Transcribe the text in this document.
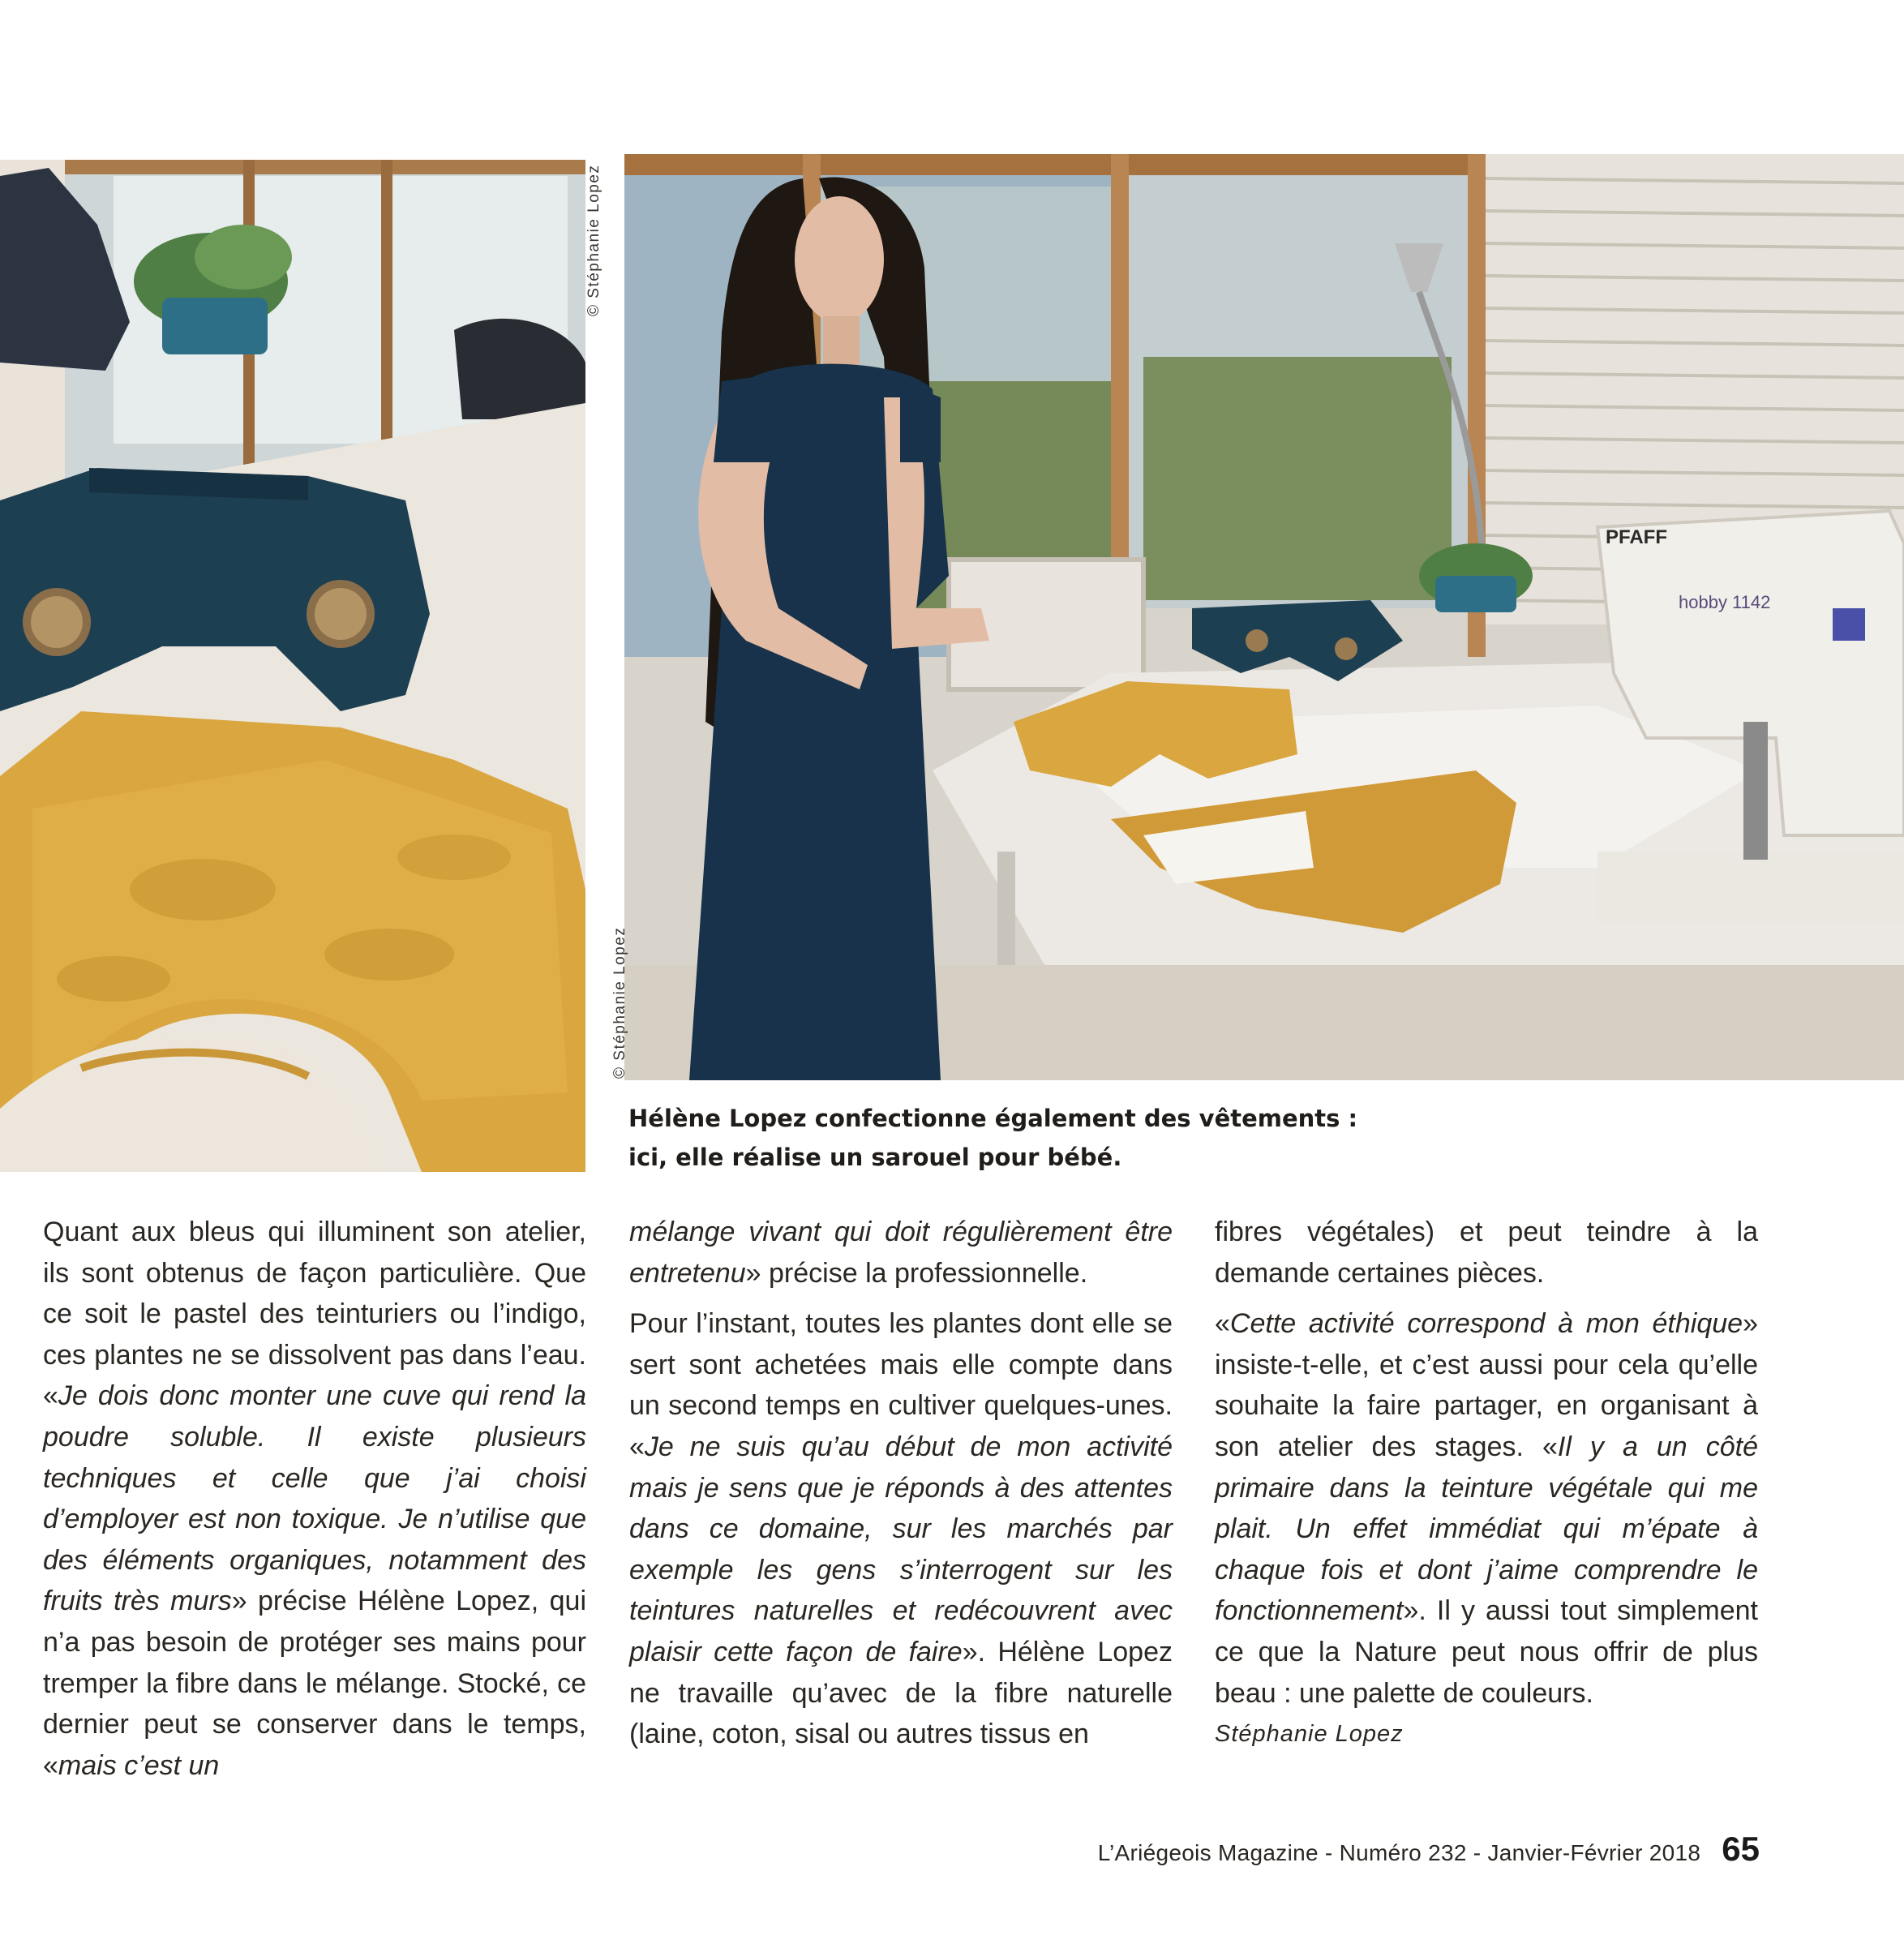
© Stéphanie Lopez
PFAFF
hobby 1142
© Stéphanie Lopez
Hélène Lopez confectionne également des vêtements :
ici, elle réalise un sarouel pour bébé.

Quant aux bleus qui illuminent son atelier, ils sont obtenus de façon particulière. Que ce soit le pastel des teinturiers ou l’indigo, ces plantes ne se dissolvent pas dans l’eau. «Je dois donc monter une cuve qui rend la poudre soluble. Il existe plusieurs techniques et celle que j’ai choisi d’employer est non toxique. Je n’utilise que des éléments organiques, notamment des fruits très murs» précise Hélène Lopez, qui n’a pas besoin de protéger ses mains pour tremper la fibre dans le mélange. Stocké, ce dernier peut se conserver dans le temps, «mais c’est un

mélange vivant qui doit régulièrement être entretenu» précise la professionnelle.

Pour l’instant, toutes les plantes dont elle se sert sont achetées mais elle compte dans un second temps en cultiver quelques-unes. «Je ne suis qu’au début de mon activité mais je sens que je réponds à des attentes dans ce domaine, sur les marchés par exemple les gens s’interrogent sur les teintures naturelles et redécouvrent avec plaisir cette façon de faire». Hélène Lopez ne travaille qu’avec de la fibre naturelle (laine, coton, sisal ou autres tissus en

fibres végétales) et peut teindre à la demande certaines pièces.

«Cette activité correspond à mon éthique» insiste-t-elle, et c’est aussi pour cela qu’elle souhaite la faire partager, en organisant à son atelier des stages. «Il y a un côté primaire dans la teinture végétale qui me plait. Un effet immédiat qui m’épate à chaque fois et dont j’aime comprendre le fonctionnement». Il y aussi tout simplement ce que la Nature peut nous offrir de plus beau : une palette de couleurs.

Stéphanie Lopez

L’Ariégeois Magazine - Numéro 232 - Janvier-Février 2018 65
